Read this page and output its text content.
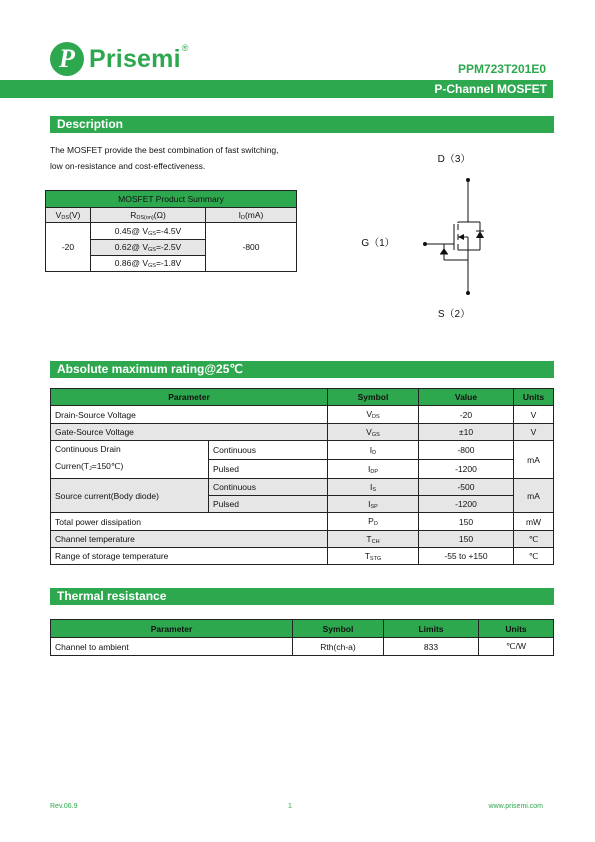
P Prisemi ®
PPM723T201E0
P-Channel MOSFET
Description
The MOSFET provide the best combination of fast switching,
low on-resistance and cost-effectiveness.
MOSFET Product Summary		
$V_{DS}(V)$	$R_{DS(on)}(\Omega)$	$I_D(mA)$
-20	0.45@ $V_{GS}=-4.5V$	-800
	0.62@ $V_{GS}=-2.5V$	
	0.86@ $V_{GS}=-1.8V$	
D（3）
G（1）
S（2）
Absolute maximum rating@25℃
Parameter		Symbol	Value	Units
Drain-Source Voltage		$V_{DS}$	-20	V
Gate-Source Voltage		$V_{GS}$	±10	V

Continuous Drain
$Curren(T_J=150℃)$	Continuous	$I_D$	-800	mA
	Pulsed	$I_{DP}$	-1200	
Source current(Body diode)	Continuous	$I_S$	-500	mA
	Pulsed	$I_{SP}$	-1200	
Total power dissipation		$P_D$	150	mW
Channel temperature		$T_{CH}$	150	℃
Range of storage temperature		$T_{STG}$	-55 to +150	℃
Thermal resistance
Parameter	Symbol	Limits	Units
Channel to ambient	Rth(ch-a)	833	℃/W
Rev.06.9	1	www.prisemi.com
